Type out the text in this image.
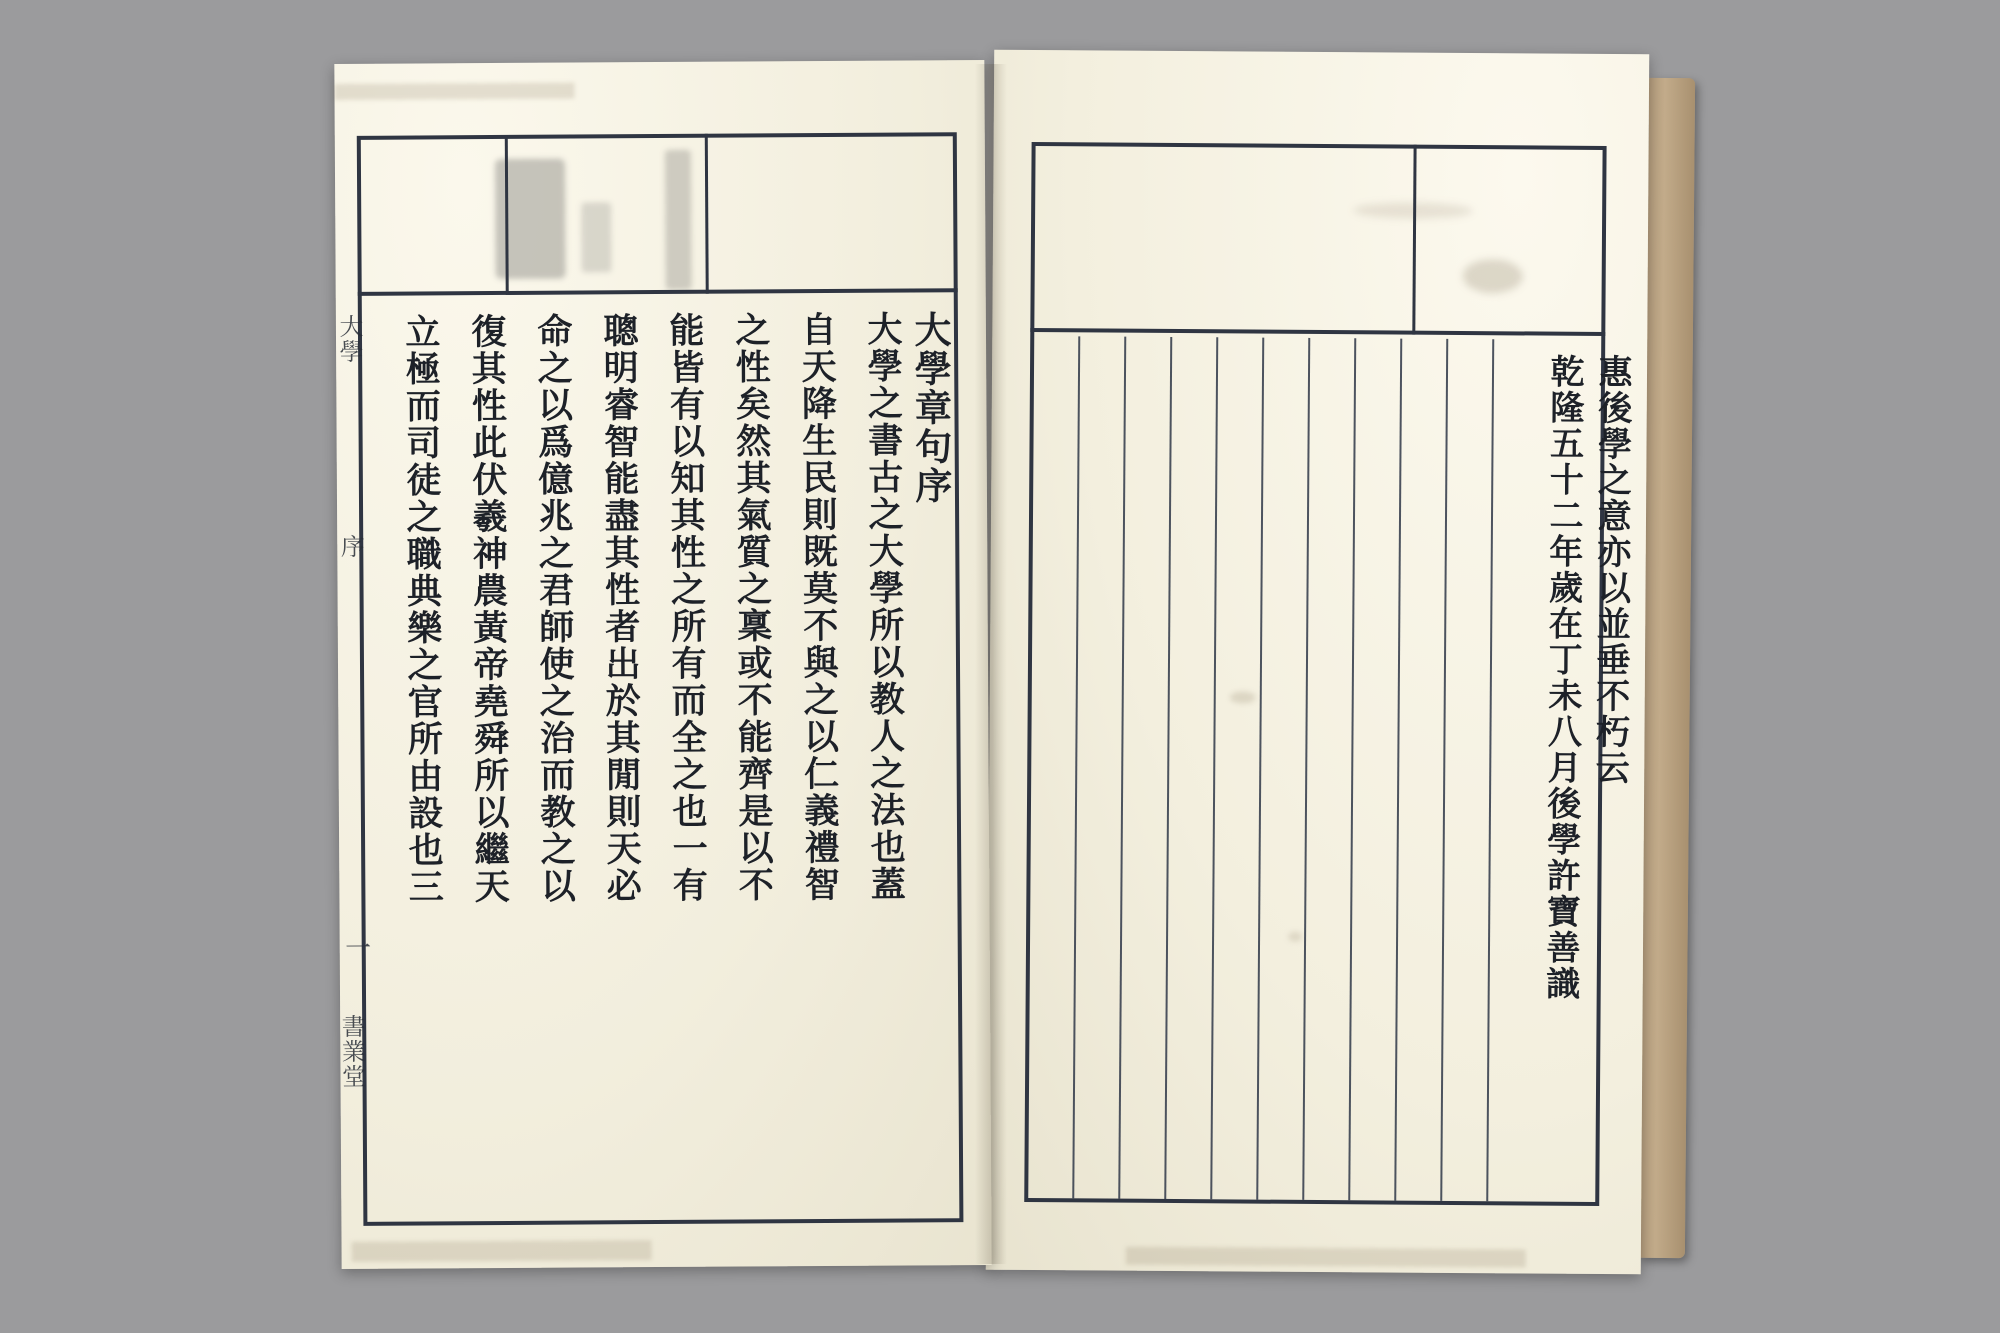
惠後學之意亦以並垂不朽云
乾隆五十二年歲在丁未八月後學許寶善識
大學
序
書業堂
大學章句序
大學之書古之大學所以教人之法也蓋
自天降生民則既莫不與之以仁義禮智
之性矣然其氣質之稟或不能齊是以不
能皆有以知其性之所有而全之也一有
聰明睿智能盡其性者出於其閒則天必
命之以爲億兆之君師使之治而教之以
復其性此伏羲神農黃帝堯舜所以繼天
立極而司徒之職典樂之官所由設也三
一
